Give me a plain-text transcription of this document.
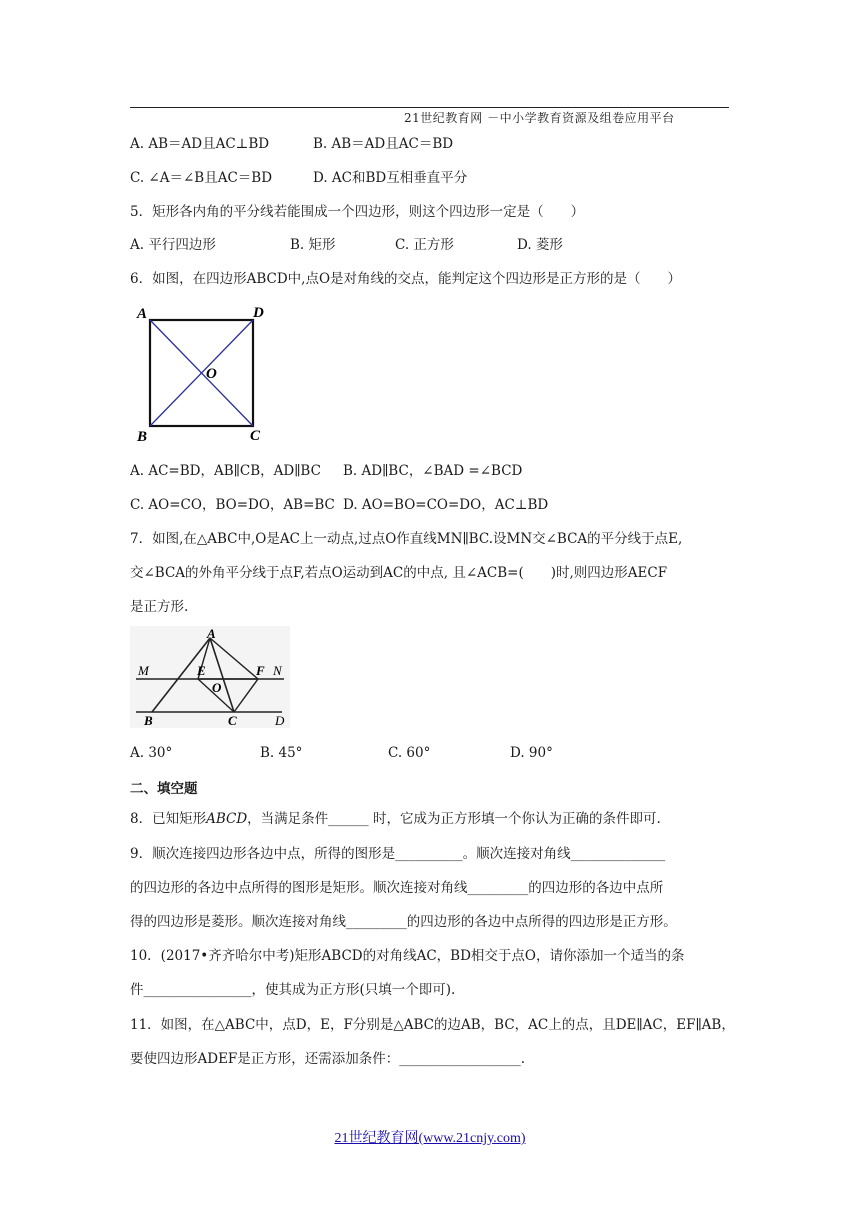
21世纪教育网 －中小学教育资源及组卷应用平台
A. AB＝AD且AC⊥BD	B. AB＝AD且AC＝BD
C. ∠A＝∠B且AC＝BD	D. AC和BD互相垂直平分
5．矩形各内角的平分线若能围成一个四边形，则这个四边形一定是（　　）
A. 平行四边形	B. 矩形	C. 正方形	D. 菱形
6．如图，在四边形ABCD中,点O是对角线的交点，能判定这个四边形是正方形的是（　　）
A	D
O
B	C
A. AC=BD，AB∥CB，AD∥BC B. AD∥BC，∠BAD =∠BCD
C. AO=CO，BO=DO，AB=BC D. AO=BO=CO=DO，AC⊥BD
7．如图,在△ABC中,O是AC上一动点,过点O作直线MN∥BC.设MN交∠BCA的平分线于点E,
交∠BCA的外角平分线于点F,若点O运动到AC的中点, 且∠ACB=(　　)时,则四边形AECF
是正方形.
A
M	E	F N
O
B	C	D
A. 30°	B. 45°	C. 60°	D. 90°
二、填空题
8．已知矩形ABCD，当满足条件______ 时，它成为正方形填一个你认为正确的条件即可.
9．顺次连接四边形各边中点，所得的图形是__________。顺次连接对角线______________
的四边形的各边中点所得的图形是矩形。顺次连接对角线_________的四边形的各边中点所
得的四边形是菱形。顺次连接对角线_________的四边形的各边中点所得的四边形是正方形。
10．(2017•齐齐哈尔中考)矩形ABCD的对角线AC，BD相交于点O，请你添加一个适当的条
件________________，使其成为正方形(只填一个即可).
11．如图，在△ABC中，点D，E，F分别是△ABC的边AB，BC，AC上的点，且DE∥AC，EF∥AB，
要使四边形ADEF是正方形，还需添加条件：__________________.
21世纪教育网(www.21cnjy.com)
